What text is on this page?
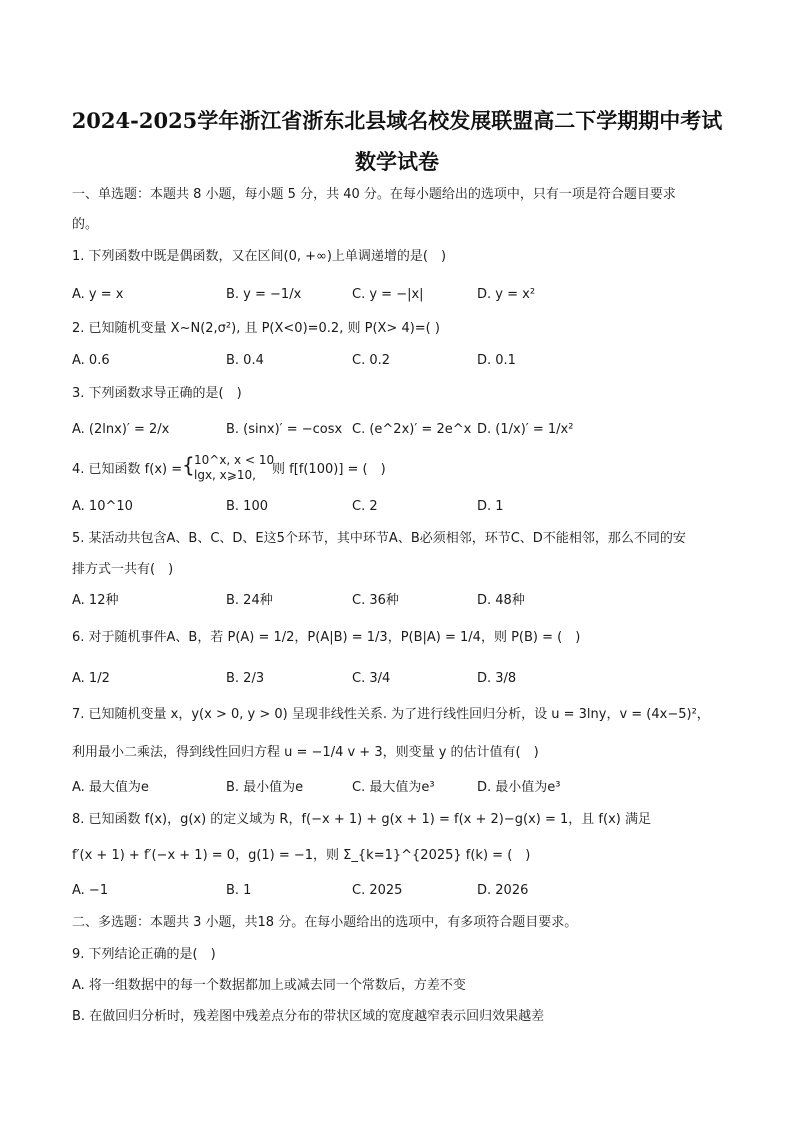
2024-2025学年浙江省浙东北县域名校发展联盟高二下学期期中考试
数学试卷
一、单选题：本题共 8 小题，每小题 5 分，共 40 分。在每小题给出的选项中，只有一项是符合题目要求
的。
1. 下列函数中既是偶函数，又在区间(0, +∞)上单调递增的是(　)
A. y = x	B. y = −1/x	C. y = −|x|	D. y = x²
2. 已知随机变量 X~N(2,σ²), 且 P(X<0)=0.2, 则 P(X> 4)=( )
A. 0.6	B. 0.4	C. 0.2	D. 0.1
3. 下列函数求导正确的是(　)
A. (2lnx)′ = 2/x	B. (sinx)′ = −cosx C. (e^2x)′ = 2e^x D. (1/x)′ = 1/x²
4. 已知函数 f(x) = { 10^x, x < 10
lgx, x⩾10, 则 f[f(100)] = (　)
A. 10^10	B. 100	C. 2	D. 1
5. 某活动共包含A、B、C、D、E这5个环节，其中环节A、B必须相邻，环节C、D不能相邻，那么不同的安
排方式一共有(　)
A. 12种	B. 24种	C. 36种	D. 48种
6. 对于随机事件A、B，若 P(A) = 1/2，P(A|B) = 1/3，P(B|A) = 1/4，则 P(B) = (　)
A. 1/2	B. 2/3	C. 3/4	D. 3/8
7. 已知随机变量 x，y(x > 0, y > 0) 呈现非线性关系. 为了进行线性回归分析，设 u = 3lny，v = (4x−5)²，
利用最小二乘法，得到线性回归方程 u = −1/4 v + 3，则变量 y 的估计值有(　)
A. 最大值为e	B. 最小值为e	C. 最大值为e³	D. 最小值为e³
8. 已知函数 f(x)，g(x) 的定义域为 R，f(−x + 1) + g(x + 1) = f(x + 2)−g(x) = 1，且 f(x) 满足
f′(x + 1) + f′(−x + 1) = 0，g(1) = −1，则 Σ_{k=1}^{2025} f(k) = (　)
A. −1	B. 1	C. 2025	D. 2026
二、多选题：本题共 3 小题，共18 分。在每小题给出的选项中，有多项符合题目要求。
9. 下列结论正确的是(　)
A. 将一组数据中的每一个数据都加上或减去同一个常数后，方差不变
B. 在做回归分析时，残差图中残差点分布的带状区域的宽度越窄表示回归效果越差
